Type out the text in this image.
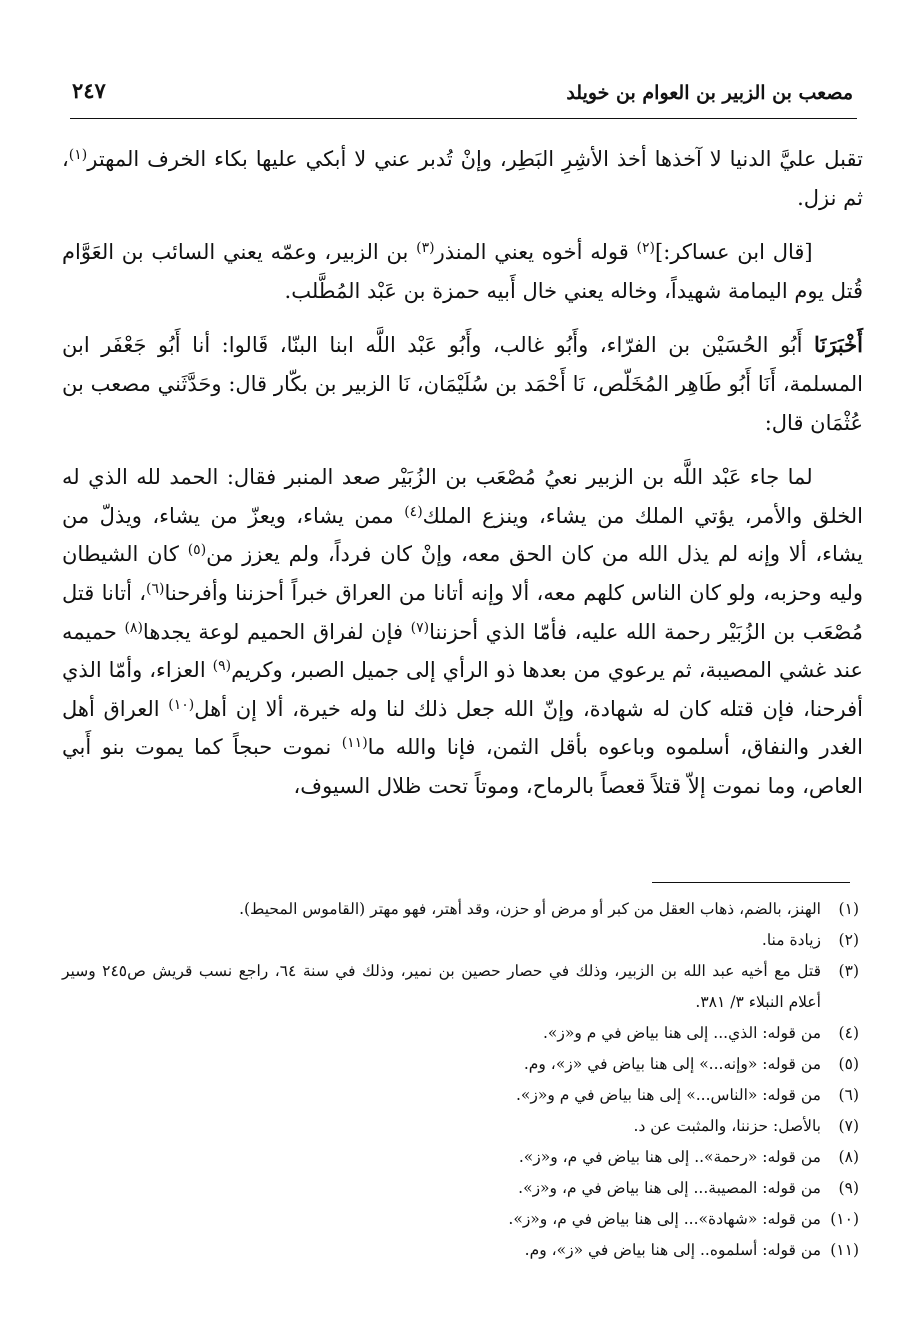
مصعب بن الزبير بن العوام بن خويلد
٢٤٧

تقبل عليَّ الدنيا لا آخذها أخذ الأشِرِ البَطِر، وإنْ تُدبر عني لا أبكي عليها بكاء الخرف المهتر$^{(١)}$، ثم نزل.

[قال ابن عساكر:]$^{(٢)}$ قوله أخوه يعني المنذر$^{(٣)}$ بن الزبير، وعمّه يعني السائب بن العَوَّام قُتل يوم اليمامة شهيداً، وخاله يعني خال أَبيه حمزة بن عَبْد المُطَّلب.

أَخْبَرَنَا أَبُو الحُسَيْن بن الفرّاء، وأَبُو غالب، وأَبُو عَبْد اللَّه ابنا البنّا، قَالوا: أنا أَبُو جَعْفَر ابن المسلمة، أَنَا أَبُو طَاهِر المُخَلّص، نَا أَحْمَد بن سُلَيْمَان، نَا الزبير بن بكّار قال: وحَدَّثَني مصعب بن عُثْمَان قال:

لما جاء عَبْد اللَّه بن الزبير نعيُ مُصْعَب بن الزُبَيْر صعد المنبر فقال: الحمد لله الذي له الخلق والأمر، يؤتي الملك من يشاء، وينزع الملك$^{(٤)}$ ممن يشاء، ويعزّ من يشاء، ويذلّ من يشاء، ألا وإنه لم يذل الله من كان الحق معه، وإنْ كان فرداً، ولم يعزز من$^{(٥)}$ كان الشيطان وليه وحزبه، ولو كان الناس كلهم معه، ألا وإنه أتانا من العراق خبراً أحزننا وأفرحنا$^{(٦)}$، أتانا قتل مُصْعَب بن الزُبَيْر رحمة الله عليه، فأمّا الذي أحزننا$^{(٧)}$ فإن لفراق الحميم لوعة يجدها$^{(٨)}$ حميمه عند غشي المصيبة، ثم يرعوي من بعدها ذو الرأي إلى جميل الصبر، وكريم$^{(٩)}$ العزاء، وأمّا الذي أفرحنا، فإن قتله كان له شهادة، وإنّ الله جعل ذلك لنا وله خيرة، ألا إن أهل$^{(١٠)}$ العراق أهل الغدر والنفاق، أسلموه وباعوه بأقل الثمن، فإنا والله ما$^{(١١)}$ نموت حبجاً كما يموت بنو أَبي العاص، وما نموت إلاّ قتلاً قعصاً بالرماح، وموتاً تحت ظلال السيوف،

(١)
الهنز، بالضم، ذهاب العقل من كبر أو مرض أو حزن، وقد أهتر، فهو مهتر (القاموس المحيط).
(٢)
زيادة منا.
(٣)
قتل مع أخيه عبد الله بن الزبير، وذلك في حصار حصين بن نمير، وذلك في سنة ٦٤، راجع نسب قريش ص٢٤٥ وسير أعلام النبلاء ٣/ ٣٨١.
(٤)
من قوله: الذي... إلى هنا بياض في م و«ز».
(٥)
من قوله: «وإنه...» إلى هنا بياض في «ز»، وم.
(٦)
من قوله: «الناس...» إلى هنا بياض في م و«ز».
(٧)
بالأصل: حزننا، والمثبت عن د.
(٨)
من قوله: «رحمة».. إلى هنا بياض في م، و«ز».
(٩)
من قوله: المصيبة... إلى هنا بياض في م، و«ز».
(١٠)
من قوله: «شهادة»... إلى هنا بياض في م، و«ز».
(١١)
من قوله: أسلموه.. إلى هنا بياض في «ز»، وم.
